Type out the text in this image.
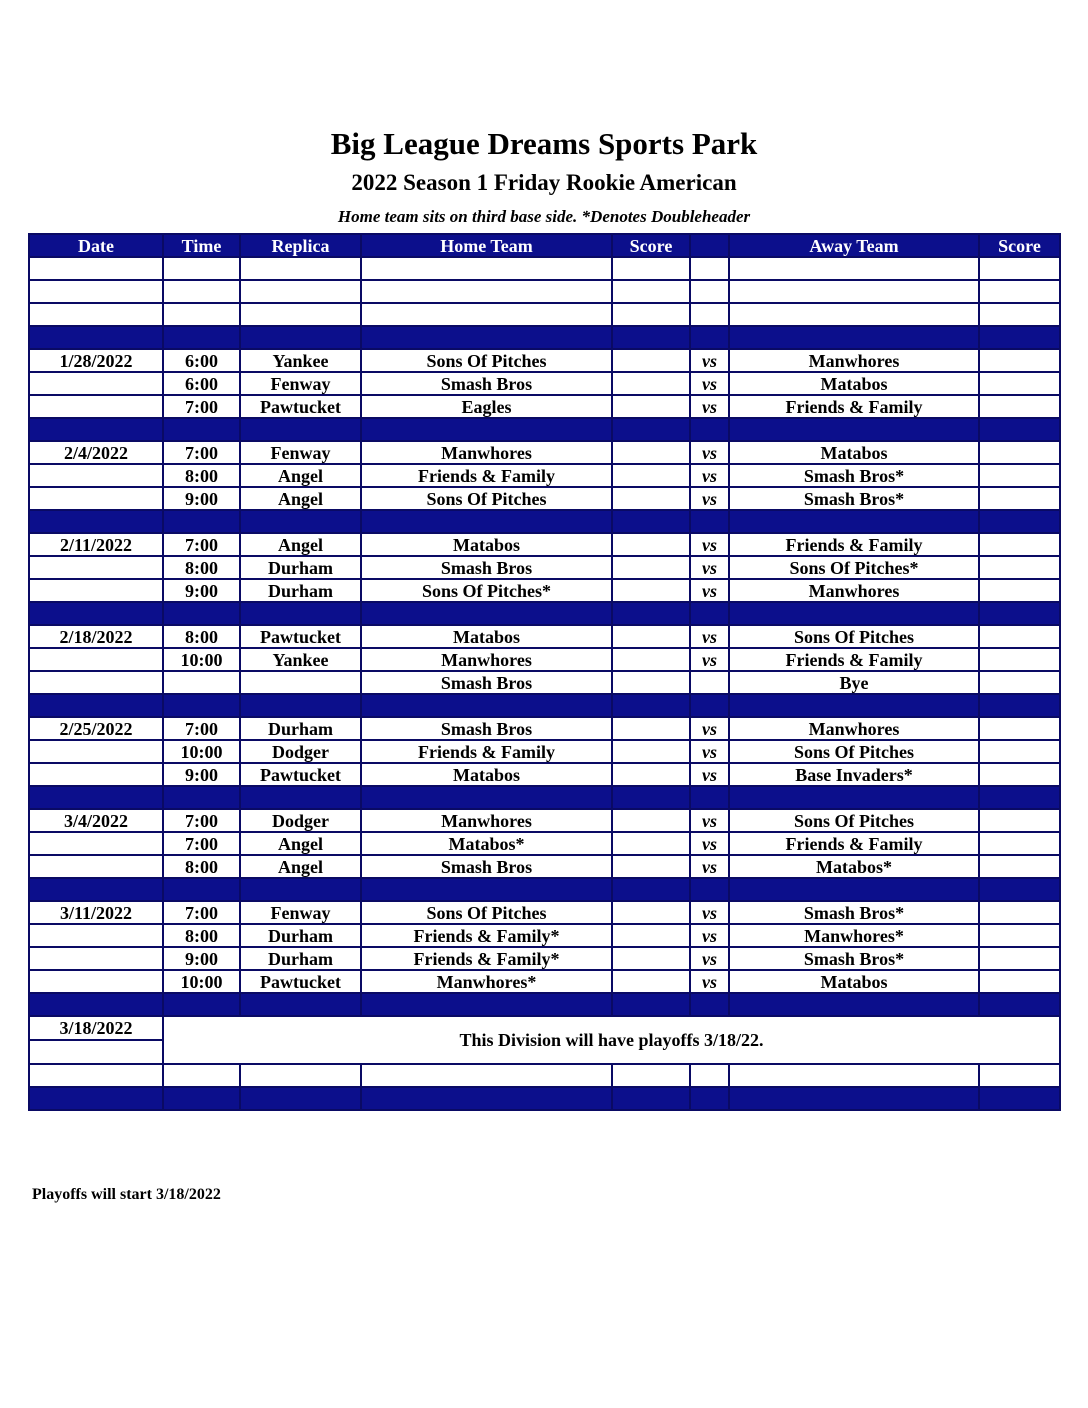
Big League Dreams Sports Park
2022 Season 1 Friday Rookie American
Home team sits on third base side. *Denotes Doubleheader
Date	Time	Replica	Home Team	Score		Away Team	Score

1/28/2022	6:00	Yankee	Sons Of Pitches		vs	Manwhores	
	6:00	Fenway	Smash Bros		vs	Matabos	
	7:00	Pawtucket	Eagles		vs	Friends & Family	

2/4/2022	7:00	Fenway	Manwhores		vs	Matabos	
	8:00	Angel	Friends & Family		vs	Smash Bros*	
	9:00	Angel	Sons Of Pitches		vs	Smash Bros*	

2/11/2022	7:00	Angel	Matabos		vs	Friends & Family	
	8:00	Durham	Smash Bros		vs	Sons Of Pitches*	
	9:00	Durham	Sons Of Pitches*		vs	Manwhores	

2/18/2022	8:00	Pawtucket	Matabos		vs	Sons Of Pitches	
	10:00	Yankee	Manwhores		vs	Friends & Family	
			Smash Bros			Bye	

2/25/2022	7:00	Durham	Smash Bros		vs	Manwhores	
	10:00	Dodger	Friends & Family		vs	Sons Of Pitches	
	9:00	Pawtucket	Matabos		vs	Base Invaders*	

3/4/2022	7:00	Dodger	Manwhores		vs	Sons Of Pitches	
	7:00	Angel	Matabos*		vs	Friends & Family	
	8:00	Angel	Smash Bros		vs	Matabos*	

3/11/2022	7:00	Fenway	Sons Of Pitches		vs	Smash Bros*	
	8:00	Durham	Friends & Family*		vs	Manwhores*	
	9:00	Durham	Friends & Family*		vs	Smash Bros*	
	10:00	Pawtucket	Manwhores*		vs	Matabos	

3/18/2022	This Division will have playoffs 3/18/22.						

Playoffs will start 3/18/2022
